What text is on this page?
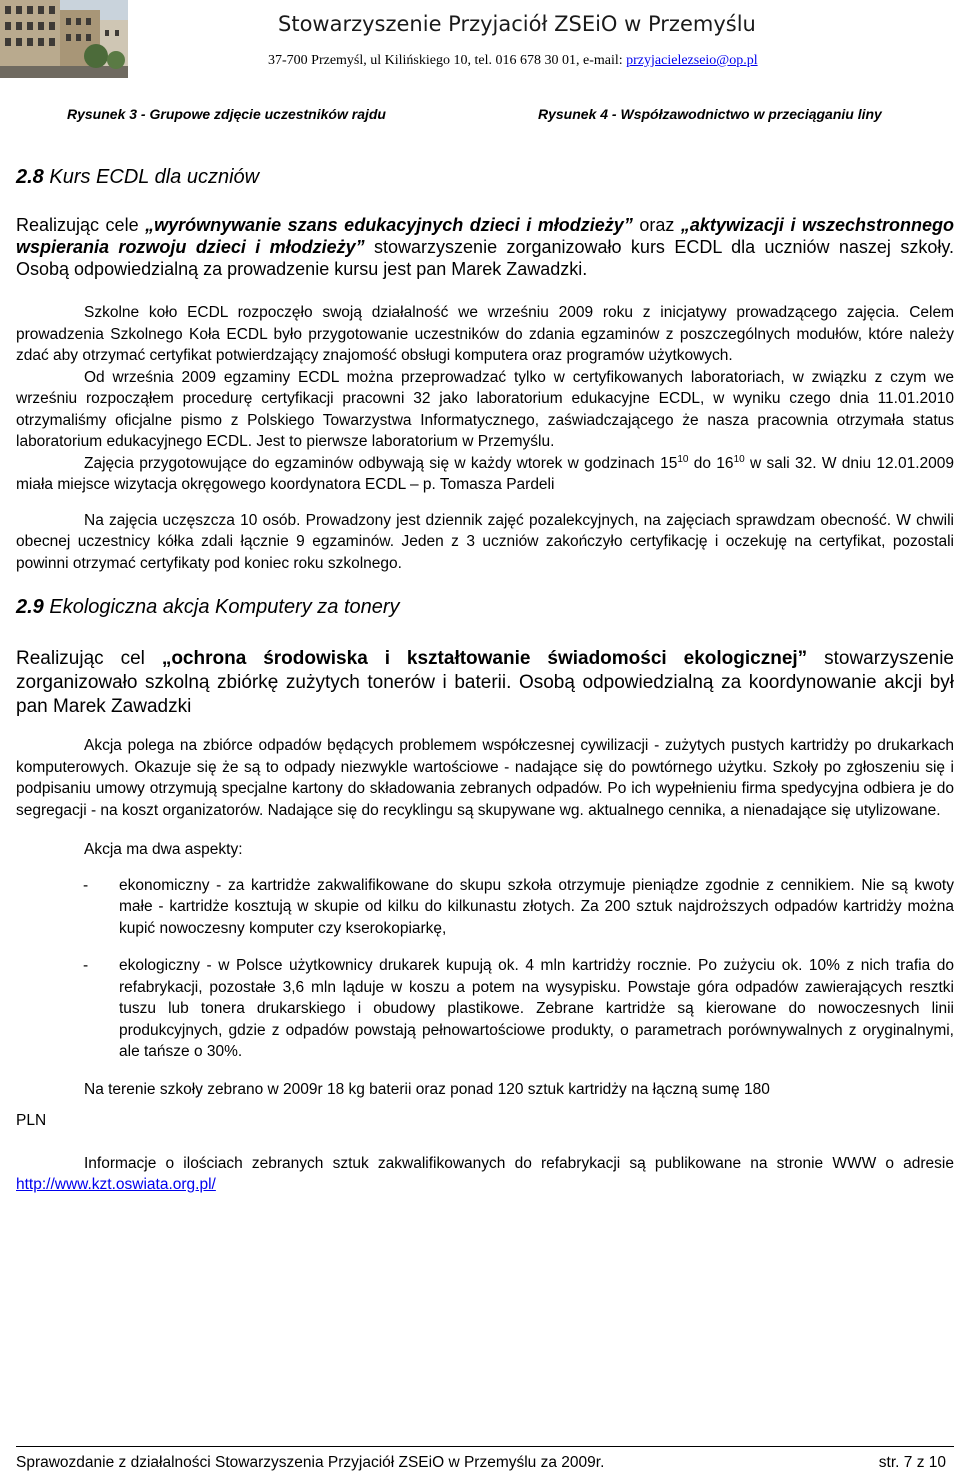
Stowarzyszenie Przyjaciół ZSEiO w Przemyślu
37-700 Przemyśl, ul Kilińskiego 10, tel. 016 678 30 01, e-mail: przyjacielezseio@op.pl
Rysunek 3 - Grupowe zdjęcie uczestników rajdu	Rysunek 4 - Współzawodnictwo w przeciąganiu liny
2.8 Kurs ECDL dla uczniów

Realizując cele „wyrównywanie szans edukacyjnych dzieci i młodzieży” oraz „aktywizacji i wszechstronnego wspierania rozwoju dzieci i młodzieży” stowarzyszenie zorganizowało kurs ECDL dla uczniów naszej szkoły. Osobą odpowiedzialną za prowadzenie kursu jest pan Marek Zawadzki.

Szkolne koło ECDL rozpoczęło swoją działalność we wrześniu 2009 roku z inicjatywy prowadzącego zajęcia. Celem prowadzenia Szkolnego Koła ECDL było przygotowanie uczestników do zdania egzaminów z poszczególnych modułów, które należy zdać aby otrzymać certyfikat potwierdzający znajomość obsługi komputera oraz programów użytkowych.

Od września 2009 egzaminy ECDL można przeprowadzać tylko w certyfikowanych laboratoriach, w związku z czym we wrześniu rozpocząłem procedurę certyfikacji pracowni 32 jako laboratorium edukacyjne ECDL, w wyniku czego dnia 11.01.2010 otrzymaliśmy oficjalne pismo z Polskiego Towarzystwa Informatycznego, zaświadczającego że nasza pracownia otrzymała status laboratorium edukacyjnego ECDL. Jest to pierwsze laboratorium w Przemyślu.

Zajęcia przygotowujące do egzaminów odbywają się w każdy wtorek w godzinach $15^{10}$ do $16^{10}$ w sali 32. W dniu 12.01.2009 miała miejsce wizytacja okręgowego koordynatora ECDL – p. Tomasza Pardeli

Na zajęcia uczęszcza 10 osób. Prowadzony jest dziennik zajęć pozalekcyjnych, na zajęciach sprawdzam obecność. W chwili obecnej uczestnicy kółka zdali łącznie 9 egzaminów. Jeden z 3 uczniów zakończyło certyfikację i oczekuję na certyfikat, pozostali powinni otrzymać certyfikaty pod koniec roku szkolnego.

2.9 Ekologiczna akcja Komputery za tonery

Realizując cel „ochrona środowiska i kształtowanie świadomości ekologicznej” stowarzyszenie zorganizowało szkolną zbiórkę zużytych tonerów i baterii. Osobą odpowiedzialną za koordynowanie akcji był pan Marek Zawadzki

Akcja polega na zbiórce odpadów będących problemem współczesnej cywilizacji - zużytych pustych kartridży po drukarkach komputerowych. Okazuje się że są to odpady niezwykle wartościowe - nadające się do powtórnego użytku. Szkoły po zgłoszeniu się i podpisaniu umowy otrzymują specjalne kartony do składowania zebranych odpadów. Po ich wypełnieniu firma spedycyjna odbiera je do segregacji - na koszt organizatorów. Nadające się do recyklingu są skupywane wg. aktualnego cennika, a nienadające się utylizowane.

Akcja ma dwa aspekty:

- ekonomiczny - za kartridże zakwalifikowane do skupu szkoła otrzymuje pieniądze zgodnie z cennikiem. Nie są kwoty małe - kartridże kosztują w skupie od kilku do kilkunastu złotych. Za 200 sztuk najdroższych odpadów kartridży można kupić nowoczesny komputer czy kserokopiarkę,
- ekologiczny - w Polsce użytkownicy drukarek kupują ok. 4 mln kartridży rocznie. Po zużyciu ok. 10% z nich trafia do refabrykacji, pozostałe 3,6 mln ląduje w koszu a potem na wysypisku. Powstaje góra odpadów zawierających resztki tuszu lub tonera drukarskiego i obudowy plastikowe. Zebrane kartridże są kierowane do nowoczesnych linii produkcyjnych, gdzie z odpadów powstają pełnowartościowe produkty, o parametrach porównywalnych z oryginalnymi, ale tańsze o 30%.
Na terenie szkoły zebrano w 2009r 18 kg baterii oraz ponad 120 sztuk kartridży na łączną sumę 180
PLN

Informacje o ilościach zebranych sztuk zakwalifikowanych do refabrykacji są publikowane na stronie WWW o adresie http://www.kzt.oswiata.org.pl/

Sprawozdanie z działalności Stowarzyszenia Przyjaciół ZSEiO w Przemyślu za 2009r.	str. 7 z 10
